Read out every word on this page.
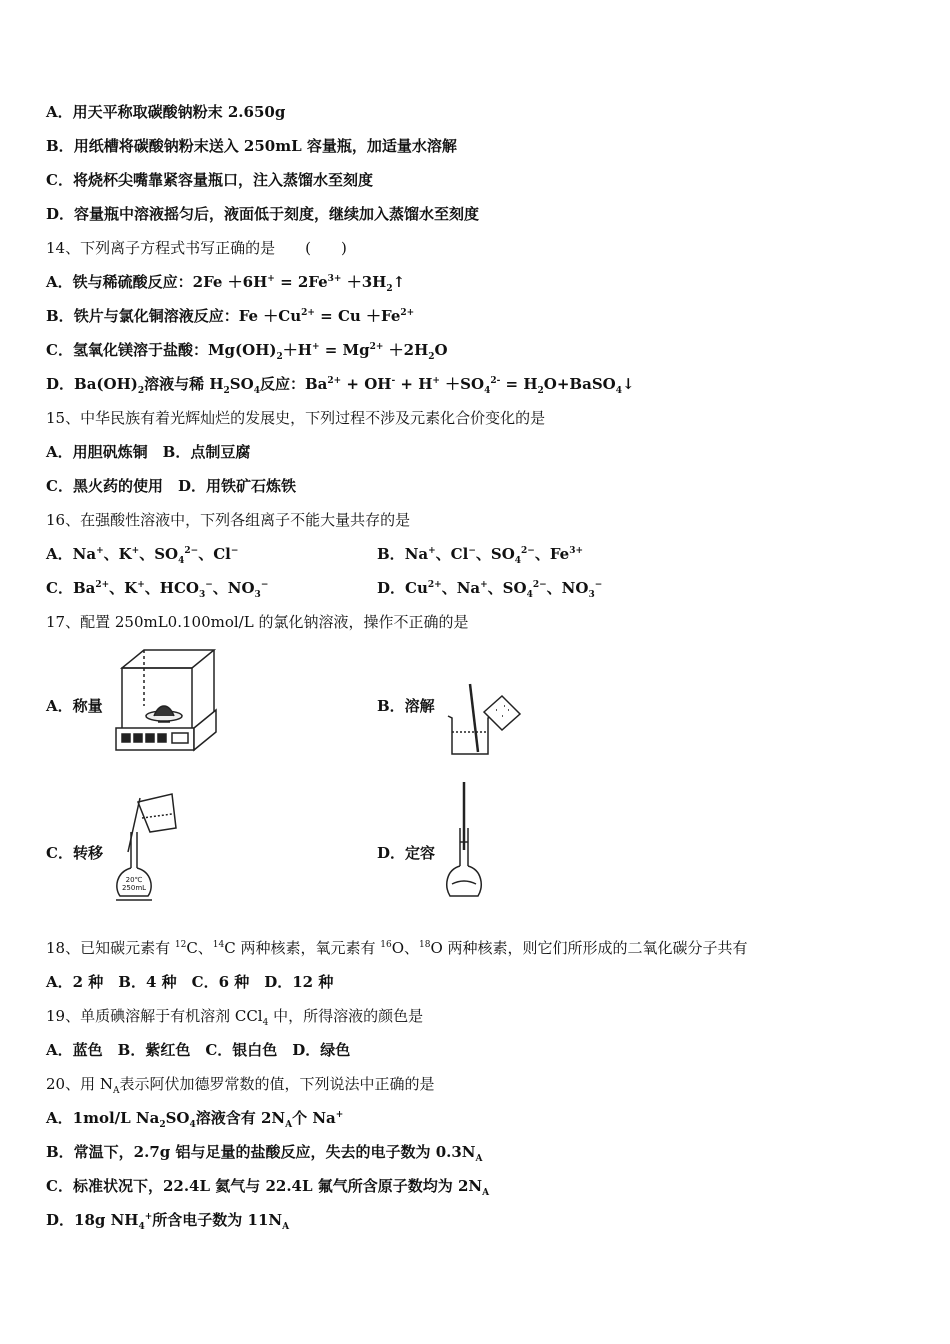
A．用天平称取碳酸钠粉末 2.650g
B．用纸槽将碳酸钠粉末送入 250mL 容量瓶，加适量水溶解
C．将烧杯尖嘴靠紧容量瓶口，注入蒸馏水至刻度
D．容量瓶中溶液摇匀后，液面低于刻度，继续加入蒸馏水至刻度
14、下列离子方程式书写正确的是　　(　　)
A．铁与稀硫酸反应：$2Fe +6H^+ = 2Fe^{3+}$ $+3H_2↑$
B．铁片与氯化铜溶液反应：$Fe +Cu^{2+} = Cu +Fe^{2+}$
C．氢氧化镁溶于盐酸：$Mg(OH)_2+H^+ = Mg^{2+} +2H_2O$
D．$Ba(OH)_2$溶液与稀 $H_2SO_4$反应：$Ba^{2+} + OH^- + H^+ +SO_4^{2-}$ = $H_2O+BaSO_4↓$
15、中华民族有着光辉灿烂的发展史，下列过程不涉及元素化合价变化的是
A．用胆矾炼铜　B．点制豆腐
C．黑火药的使用　D．用铁矿石炼铁
16、在强酸性溶液中，下列各组离子不能大量共存的是
A．Na+、K+、$SO_4^{2-}$、Cl−	B．Na+、Cl−、$SO_4^{2-}$、$Fe^{3+}$
C．$Ba^{2+}$、K+、$HCO_3^-$、$NO_3^-$	D．$Cu^{2+}$、Na+、$SO_4^{2-}$、$NO_3^-$
17、配置 250mL0.100mol/L 的氯化钠溶液，操作不正确的是
A．称量	B．溶解
C．转移
20℃ 250mL
D．定容
18、已知碳元素有 $^{12}$C、$^{14}$C 两种核素，氧元素有 $^{16}$O、$^{18}$O 两种核素，则它们所形成的二氧化碳分子共有
A．2 种　B．4 种　C．6 种　D．12 种
19、单质碘溶解于有机溶剂 CCl$_4$ 中，所得溶液的颜色是
A．蓝色　B．紫红色　C．银白色　D．绿色
20、用 $N_A$表示阿伏加德罗常数的值，下列说法中正确的是
A．1mol/L $Na_2SO_4$溶液含有 $2N_A$个 Na+
B．常温下，2.7g 铝与足量的盐酸反应，失去的电子数为 $0.3N_A$
C．标准状况下，22.4L 氦气与 22.4L 氟气所含原子数均为 $2N_A$
D．18g $NH_4^+$所含电子数为 $11N_A$
